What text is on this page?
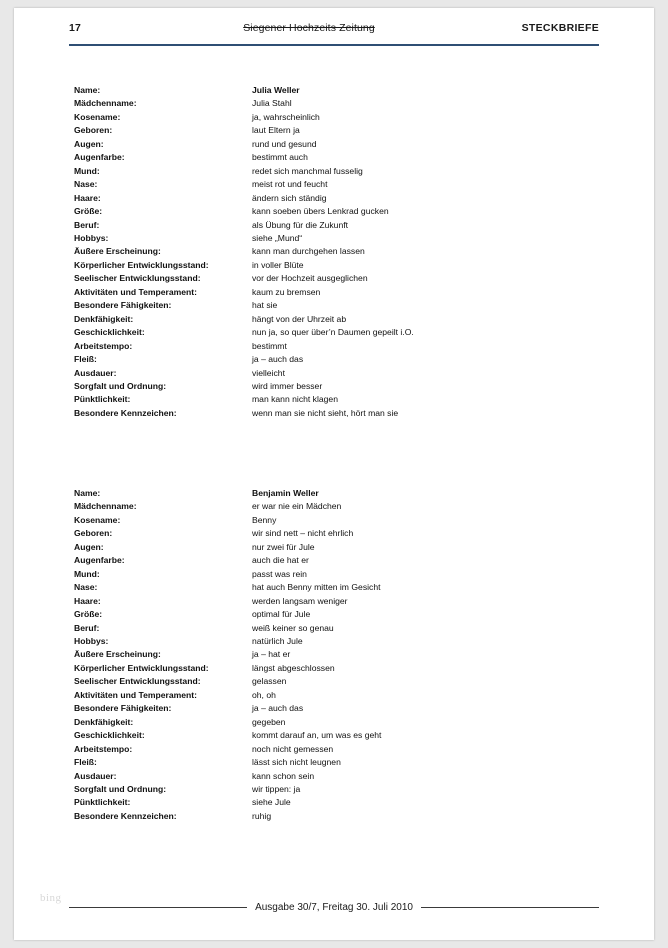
17	Siegener Hochzeits Zeitung	STECKBRIEFE
Name:	Julia Weller
Mädchenname:	Julia Stahl
Kosename:	ja, wahrscheinlich
Geboren:	laut Eltern ja
Augen:	rund und gesund
Augenfarbe:	bestimmt auch
Mund:	redet sich manchmal fusselig
Nase:	meist rot und feucht
Haare:	ändern sich ständig
Größe:	kann soeben übers Lenkrad gucken
Beruf:	als Übung für die Zukunft
Hobbys:	siehe „Mund“
Äußere Erscheinung:	kann man durchgehen lassen
Körperlicher Entwicklungsstand:	in voller Blüte
Seelischer Entwicklungsstand:	vor der Hochzeit ausgeglichen
Aktivitäten und Temperament:	kaum zu bremsen
Besondere Fähigkeiten:	hat sie
Denkfähigkeit:	hängt von der Uhrzeit ab
Geschicklichkeit:	nun ja, so quer über’n Daumen gepeilt i.O.
Arbeitstempo:	bestimmt
Fleiß:	ja – auch das
Ausdauer:	vielleicht
Sorgfalt und Ordnung:	wird immer besser
Pünktlichkeit:	man kann nicht klagen
Besondere Kennzeichen:	wenn man sie nicht sieht, hört man sie
Name:	Benjamin Weller
Mädchenname:	er war nie ein Mädchen
Kosename:	Benny
Geboren:	wir sind nett – nicht ehrlich
Augen:	nur zwei für Jule
Augenfarbe:	auch die hat er
Mund:	passt was rein
Nase:	hat auch Benny mitten im Gesicht
Haare:	werden langsam weniger
Größe:	optimal für Jule
Beruf:	weiß keiner so genau
Hobbys:	natürlich Jule
Äußere Erscheinung:	ja – hat er
Körperlicher Entwicklungsstand:	längst abgeschlossen
Seelischer Entwicklungsstand:	gelassen
Aktivitäten und Temperament:	oh, oh
Besondere Fähigkeiten:	ja – auch das
Denkfähigkeit:	gegeben
Geschicklichkeit:	kommt darauf an, um was es geht
Arbeitstempo:	noch nicht gemessen
Fleiß:	lässt sich nicht leugnen
Ausdauer:	kann schon sein
Sorgfalt und Ordnung:	wir tippen: ja
Pünktlichkeit:	siehe Jule
Besondere Kennzeichen:	ruhig
bing
Ausgabe 30/7, Freitag 30. Juli 2010
